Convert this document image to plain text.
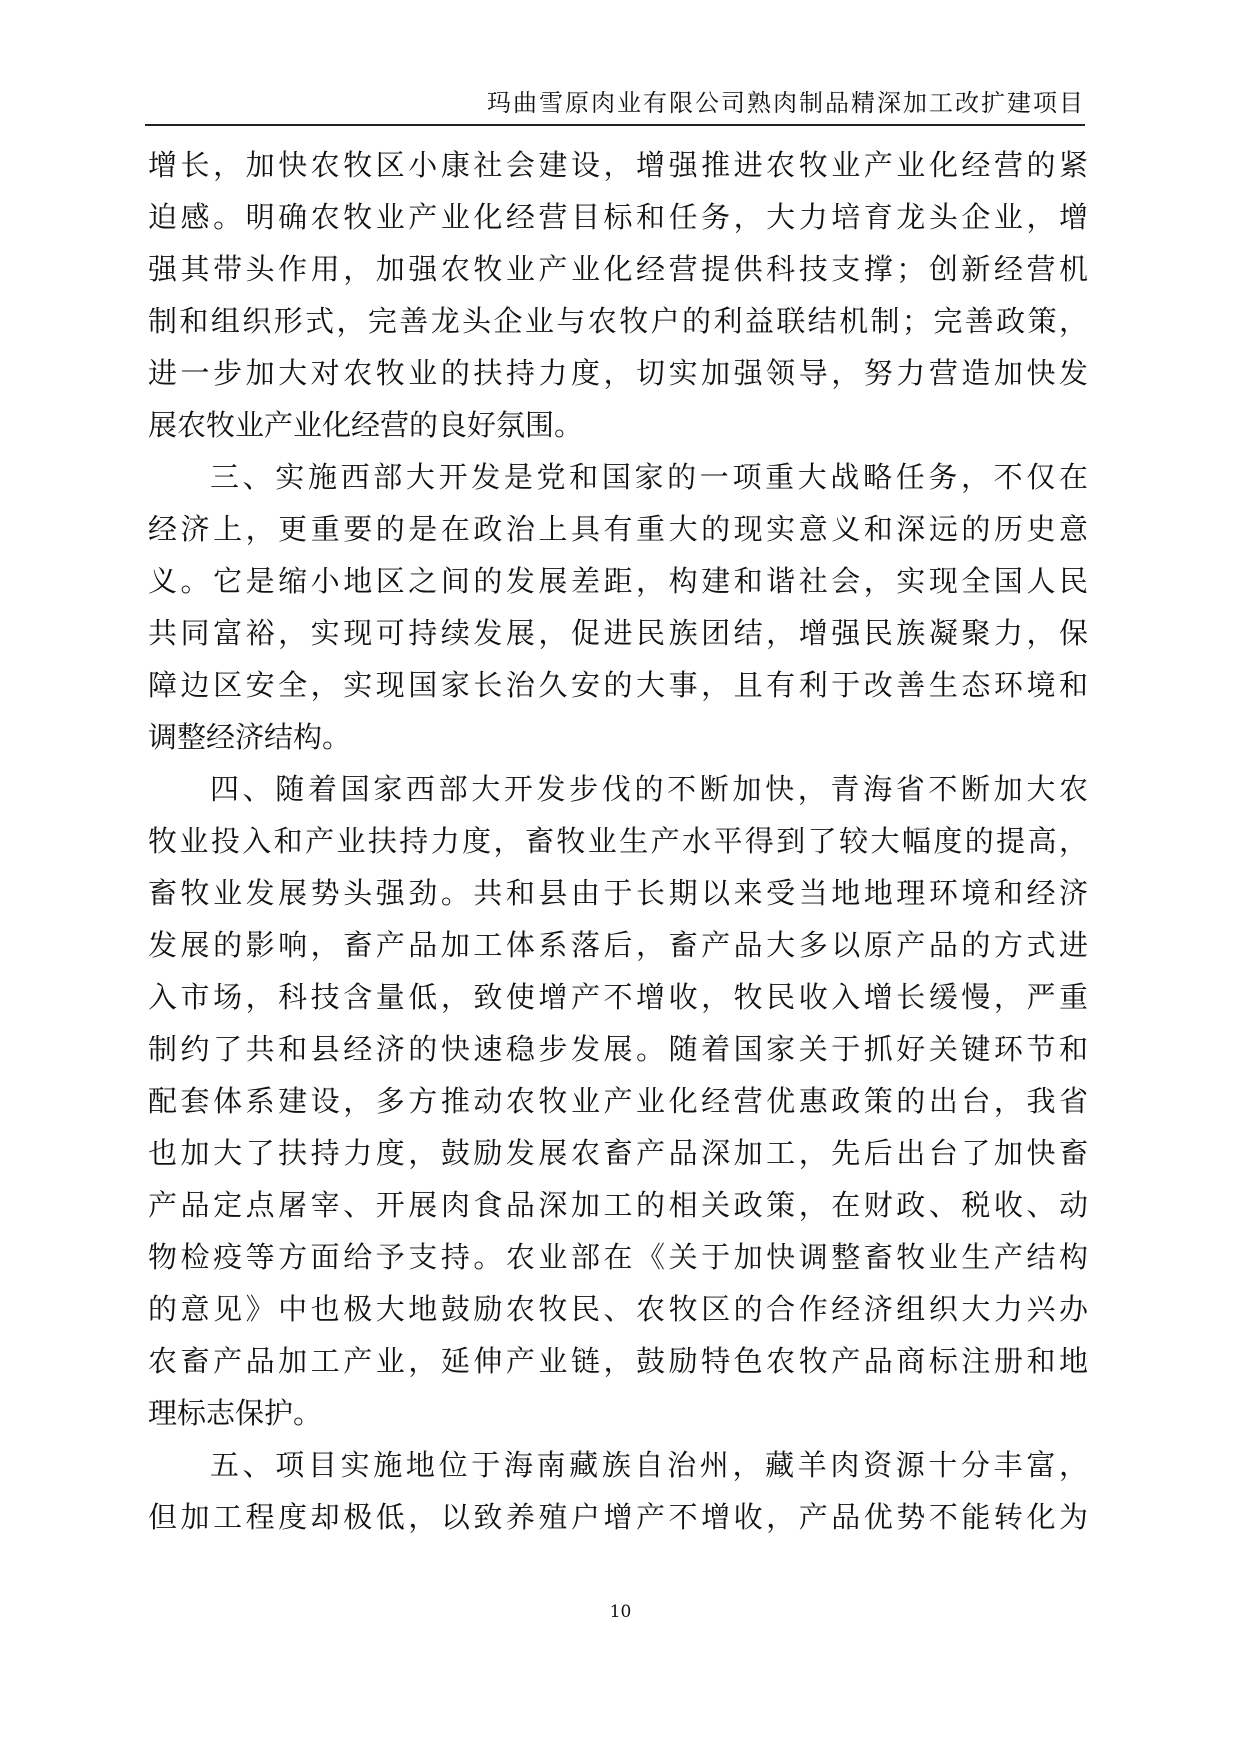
玛曲雪原肉业有限公司熟肉制品精深加工改扩建项目
增长，加快农牧区小康社会建设，增强推进农牧业产业化经营的紧
迫感。明确农牧业产业化经营目标和任务，大力培育龙头企业，增
强其带头作用，加强农牧业产业化经营提供科技支撑；创新经营机
制和组织形式，完善龙头企业与农牧户的利益联结机制；完善政策，
进一步加大对农牧业的扶持力度，切实加强领导，努力营造加快发
展农牧业产业化经营的良好氛围。
三、实施西部大开发是党和国家的一项重大战略任务，不仅在
经济上，更重要的是在政治上具有重大的现实意义和深远的历史意
义。它是缩小地区之间的发展差距，构建和谐社会，实现全国人民
共同富裕，实现可持续发展，促进民族团结，增强民族凝聚力，保
障边区安全，实现国家长治久安的大事，且有利于改善生态环境和
调整经济结构。
四、随着国家西部大开发步伐的不断加快，青海省不断加大农
牧业投入和产业扶持力度，畜牧业生产水平得到了较大幅度的提高，
畜牧业发展势头强劲。共和县由于长期以来受当地地理环境和经济
发展的影响，畜产品加工体系落后，畜产品大多以原产品的方式进
入市场，科技含量低，致使增产不增收，牧民收入增长缓慢，严重
制约了共和县经济的快速稳步发展。随着国家关于抓好关键环节和
配套体系建设，多方推动农牧业产业化经营优惠政策的出台，我省
也加大了扶持力度，鼓励发展农畜产品深加工，先后出台了加快畜
产品定点屠宰、开展肉食品深加工的相关政策，在财政、税收、动
物检疫等方面给予支持。农业部在《关于加快调整畜牧业生产结构
的意见》中也极大地鼓励农牧民、农牧区的合作经济组织大力兴办
农畜产品加工产业，延伸产业链，鼓励特色农牧产品商标注册和地
理标志保护。
五、项目实施地位于海南藏族自治州，藏羊肉资源十分丰富，
但加工程度却极低，以致养殖户增产不增收，产品优势不能转化为
10
